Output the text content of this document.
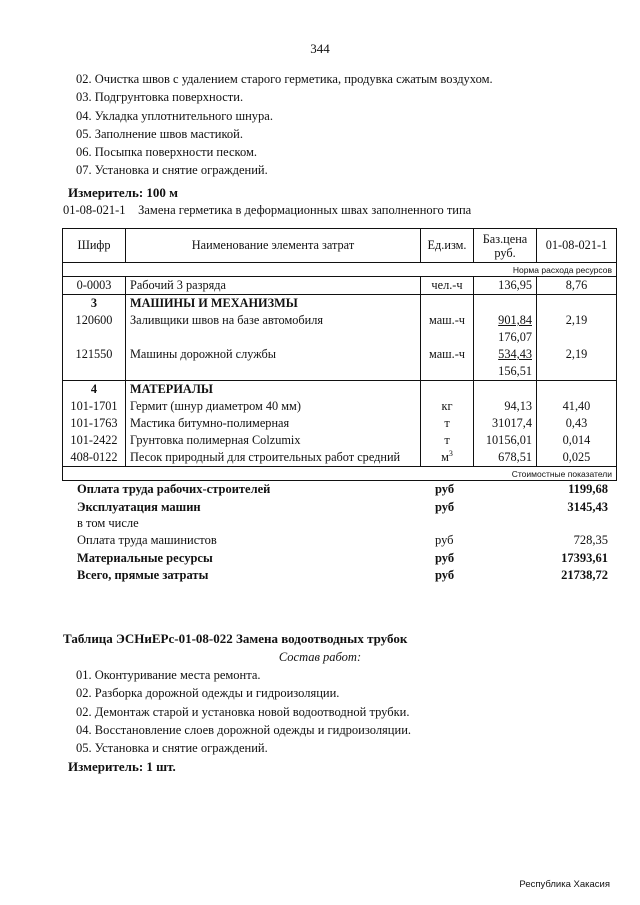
344
02. Очистка швов с удалением старого герметика, продувка сжатым воздухом.
03. Подгрунтовка поверхности.
04. Укладка уплотнительного шнура.
05. Заполнение швов мастикой.
06. Посыпка поверхности песком.
07. Установка и снятие ограждений.
Измеритель: 100 м
01-08-021-1 Замена герметика в деформационных швах заполненного типа
Шифр	Наименование элемента затрат	Ед.изм.	Баз.цена
руб.	01-08-021-1
Норма расхода ресурсов				
0-0003	Рабочий 3 разряда	чел.-ч	136,95	8,76
3	МАШИНЫ И МЕХАНИЗМЫ			
120600	Заливщики швов на базе автомобиля	маш.-ч	901,84	2,19
			176,07	
121550	Машины дорожной службы	маш.-ч	534,43	2,19
			156,51	
4	МАТЕРИАЛЫ			
101-1701	Гермит (шнур диаметром 40 мм)	кг	94,13	41,40
101-1763	Мастика битумно-полимерная	т	31017,4	0,43
101-2422	Грунтовка полимерная Colzumix	т	10156,01	0,014
408-0122	Песок природный для строительных работ средний	$м^3$	678,51	0,025
			Стоимостные показатели	
Оплата труда рабочих-строителей	руб	1199,68
Эксплуатация машин	руб	3145,43
в том числе
Оплата труда машинистов	руб	728,35
Материальные ресурсы	руб	17393,61
Всего, прямые затраты	руб	21738,72
Таблица ЭСНиЕРс-01-08-022 Замена водоотводных трубок
Состав работ:
01. Оконтуривание места ремонта.
02. Разборка дорожной одежды и гидроизоляции.
02. Демонтаж старой и установка новой водоотводной трубки.
04. Восстановление слоев дорожной одежды и гидроизоляции.
05. Установка и снятие ограждений.
Измеритель: 1 шт.
Республика Хакасия
